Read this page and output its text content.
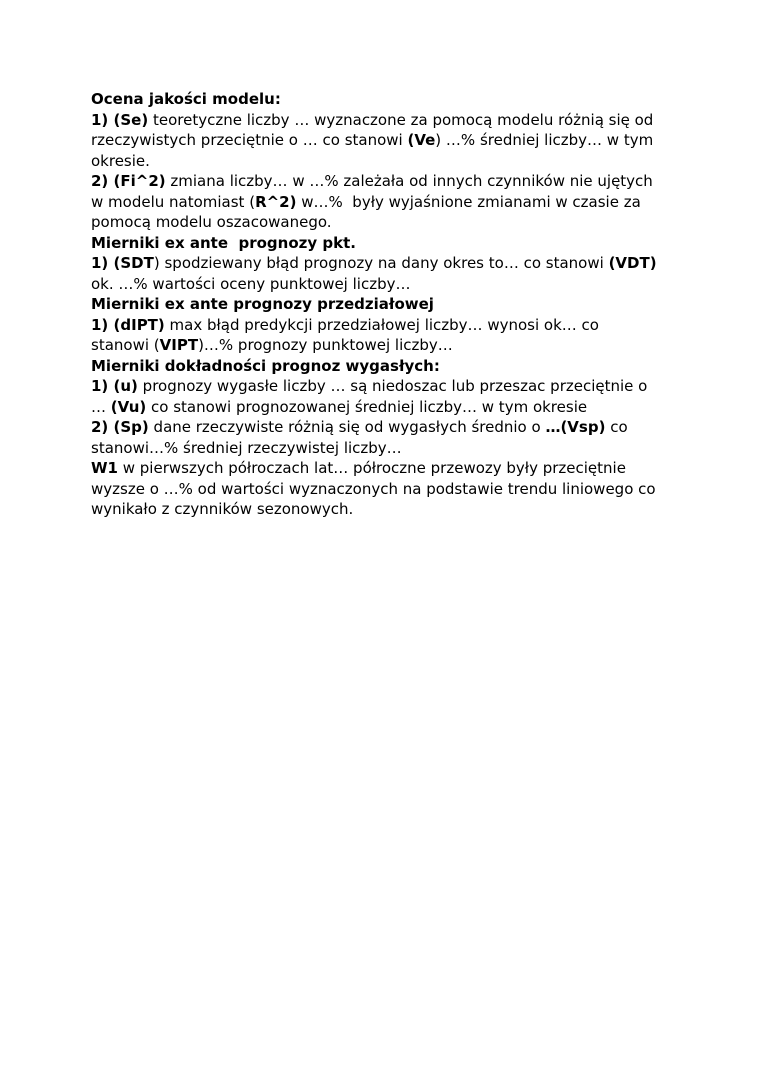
Ocena jakości modelu:
1) (Se) teoretyczne liczby … wyznaczone za pomocą modelu różnią się od
rzeczywistych przeciętnie o … co stanowi (Ve) …% średniej liczby… w tym
okresie.
2) (Fi^2) zmiana liczby… w …% zależała od innych czynników nie ujętych
w modelu natomiast (R^2) w…%  były wyjaśnione zmianami w czasie za
pomocą modelu oszacowanego.
Mierniki ex ante  prognozy pkt.
1) (SDT) spodziewany błąd prognozy na dany okres to… co stanowi (VDT)
ok. …% wartości oceny punktowej liczby…
Mierniki ex ante prognozy przedziałowej
1) (dIPT) max błąd predykcji przedziałowej liczby… wynosi ok… co
stanowi (VIPT)…% prognozy punktowej liczby…
Mierniki dokładności prognoz wygasłych:
1) (u) prognozy wygasłe liczby … są niedoszac lub przeszac przeciętnie o
… (Vu) co stanowi prognozowanej średniej liczby… w tym okresie
2) (Sp) dane rzeczywiste różnią się od wygasłych średnio o …(Vsp) co
stanowi…% średniej rzeczywistej liczby…
W1 w pierwszych półroczach lat… półroczne przewozy były przeciętnie
wyzsze o …% od wartości wyznaczonych na podstawie trendu liniowego co
wynikało z czynników sezonowych.
